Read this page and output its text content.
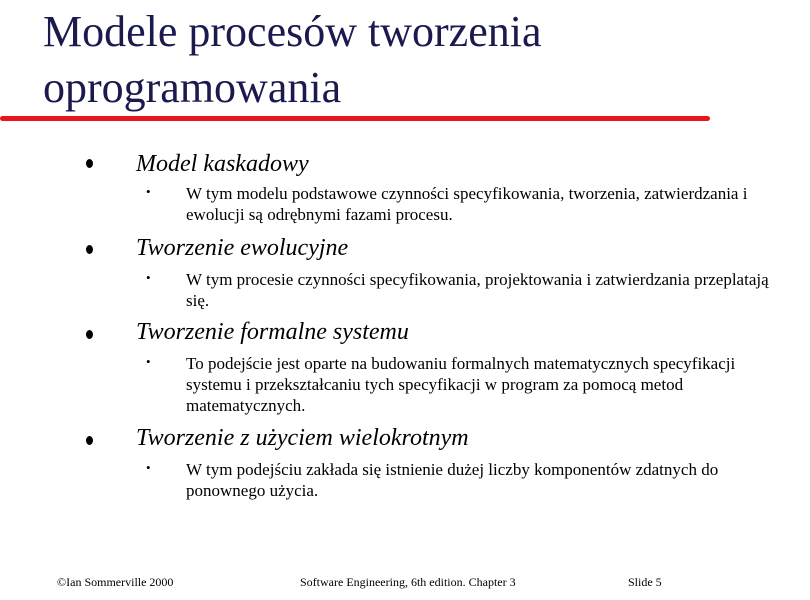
Modele procesów tworzenia
oprogramowania
Model kaskadowy
• W tym modelu podstawowe czynności specyfikowania, tworzenia, zatwierdzania i ewolucji są odrębnymi fazami procesu.
Tworzenie ewolucyjne
• W tym procesie czynności specyfikowania, projektowania i zatwierdzania przeplatają się.
Tworzenie formalne systemu
• To podejście jest oparte na budowaniu formalnych matematycznych specyfikacji systemu i przekształcaniu tych specyfikacji w program za pomocą metod matematycznych.
Tworzenie z użyciem wielokrotnym
• W tym podejściu zakłada się istnienie dużej liczby komponentów zdatnych do ponownego użycia.
©Ian Sommerville 2000	Software Engineering, 6th edition. Chapter 3	Slide 5
